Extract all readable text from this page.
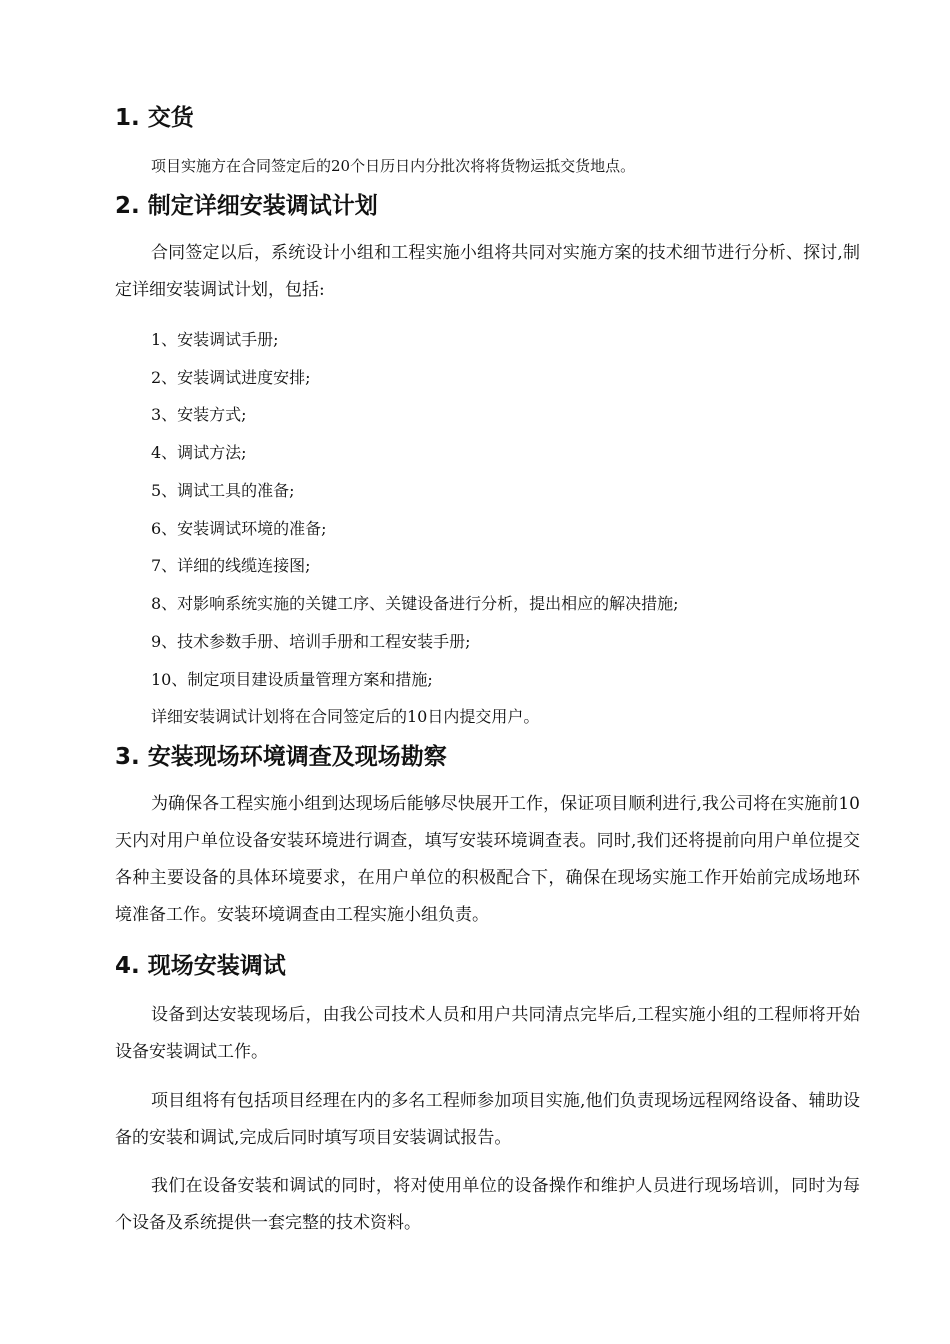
1. 交货

项目实施方在合同签定后的20个日历日内分批次将将货物运抵交货地点。

2. 制定详细安装调试计划

合同签定以后，系统设计小组和工程实施小组将共同对实施方案的技术细节进行分析、探讨,制定详细安装调试计划，包括:

1、安装调试手册;

2、安装调试进度安排;

3、安装方式;

4、调试方法;

5、调试工具的准备;

6、安装调试环境的准备;

7、详细的线缆连接图;

8、对影响系统实施的关键工序、关键设备进行分析，提出相应的解决措施;

9、技术参数手册、培训手册和工程安装手册;

10、制定项目建设质量管理方案和措施;

详细安装调试计划将在合同签定后的10日内提交用户。

3. 安装现场环境调查及现场勘察

为确保各工程实施小组到达现场后能够尽快展开工作，保证项目顺利进行,我公司将在实施前10天内对用户单位设备安装环境进行调查，填写安装环境调查表。同时,我们还将提前向用户单位提交各种主要设备的具体环境要求，在用户单位的积极配合下，确保在现场实施工作开始前完成场地环境准备工作。安装环境调查由工程实施小组负责。

4. 现场安装调试

设备到达安装现场后，由我公司技术人员和用户共同清点完毕后,工程实施小组的工程师将开始设备安装调试工作。

项目组将有包括项目经理在内的多名工程师参加项目实施,他们负责现场远程网络设备、辅助设备的安装和调试,完成后同时填写项目安装调试报告。

我们在设备安装和调试的同时，将对使用单位的设备操作和维护人员进行现场培训，同时为每个设备及系统提供一套完整的技术资料。
